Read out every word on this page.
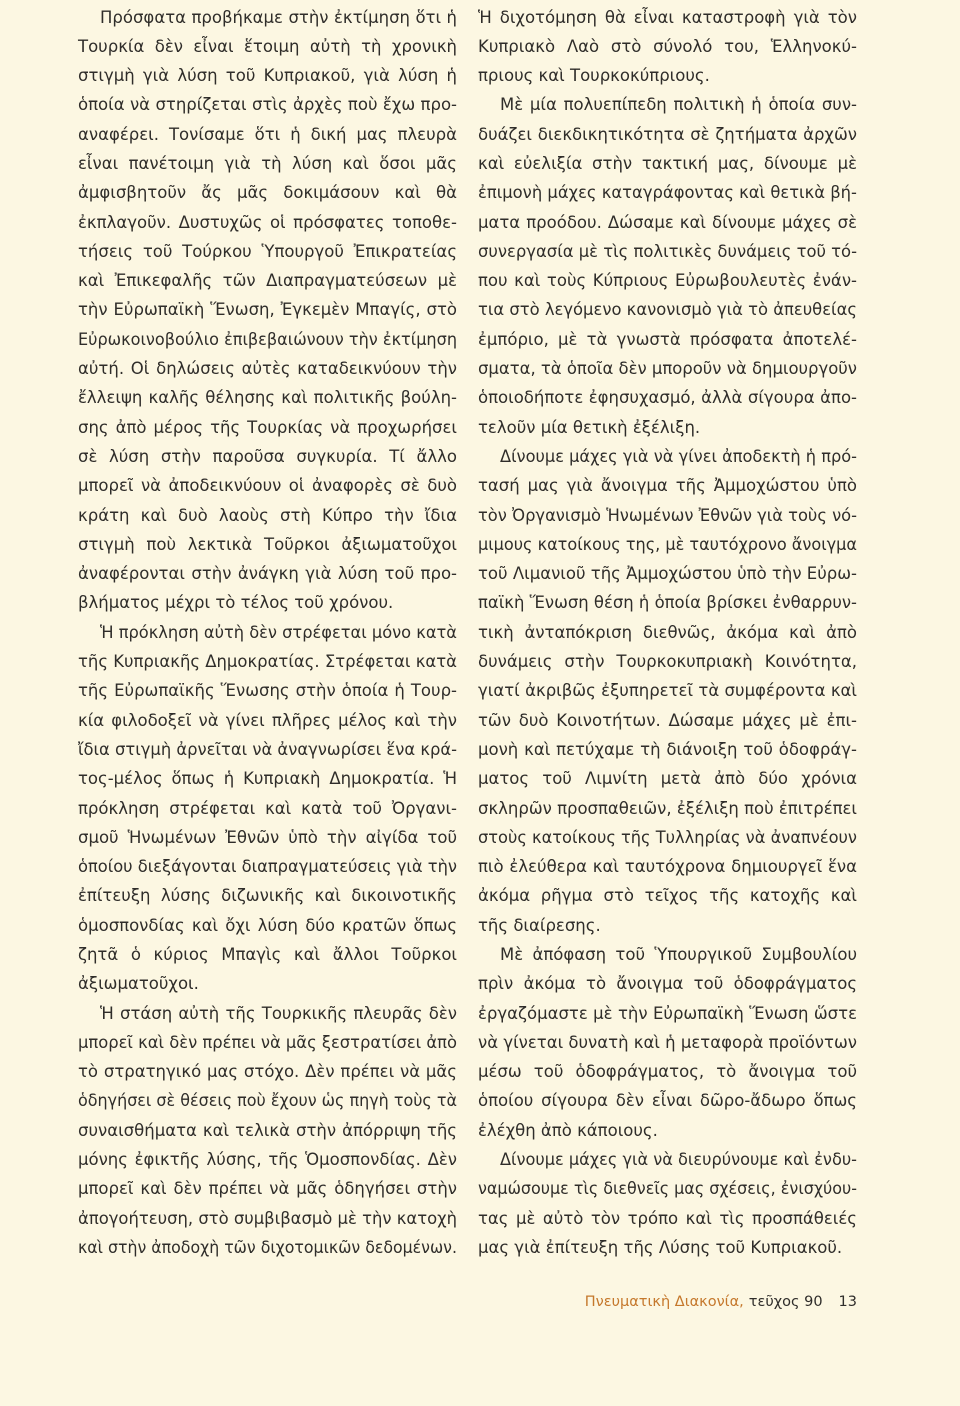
Πρόσφατα προβήκαμε στὴν ἐκτίμηση ὅτι ἡ
Τουρκία δὲν εἶναι ἕτοιμη αὐτὴ τὴ χρονικὴ
στιγμὴ γιὰ λύση τοῦ Κυπριακοῦ, γιὰ λύση ἡ
ὁποία νὰ στηρίζεται στὶς ἀρχὲς ποὺ ἔχω προ-
αναφέρει. Τονίσαμε ὅτι ἡ δική μας πλευρὰ
εἶναι πανέτοιμη γιὰ τὴ λύση καὶ ὅσοι μᾶς
ἀμφισβητοῦν ἄς μᾶς δοκιμάσουν καὶ θὰ
ἐκπλαγοῦν. Δυστυχῶς οἱ πρόσφατες τοποθε-
τήσεις τοῦ Τούρκου Ὑπουργοῦ Ἐπικρατείας
καὶ Ἐπικεφαλῆς τῶν Διαπραγματεύσεων μὲ
τὴν Εὐρωπαϊκὴ Ἕνωση, Ἐγκεμὲν Μπαγίς, στὸ
Εὐρωκοινοβούλιο ἐπιβεβαιώνουν τὴν ἐκτίμηση
αὐτή. Οἱ δηλώσεις αὐτὲς καταδεικνύουν τὴν
ἔλλειψη καλῆς θέλησης καὶ πολιτικῆς βούλη-
σης ἀπὸ μέρος τῆς Τουρκίας νὰ προχωρήσει
σὲ λύση στὴν παροῦσα συγκυρία. Τί ἄλλο
μπορεῖ νὰ ἀποδεικνύουν οἱ ἀναφορὲς σὲ δυὸ
κράτη καὶ δυὸ λαοὺς στὴ Κύπρο τὴν ἴδια
στιγμὴ ποὺ λεκτικὰ Τοῦρκοι ἀξιωματοῦχοι
ἀναφέρονται στὴν ἀνάγκη γιὰ λύση τοῦ προ-
βλήματος μέχρι τὸ τέλος τοῦ χρόνου.
Ἡ πρόκληση αὐτὴ δὲν στρέφεται μόνο κατὰ
τῆς Κυπριακῆς Δημοκρατίας. Στρέφεται κατὰ
τῆς Εὐρωπαϊκῆς Ἕνωσης στὴν ὁποία ἡ Τουρ-
κία φιλοδοξεῖ νὰ γίνει πλῆρες μέλος καὶ τὴν
ἴδια στιγμὴ ἀρνεῖται νὰ ἀναγνωρίσει ἕνα κρά-
τος-μέλος ὅπως ἡ Κυπριακὴ Δημοκρατία. Ἡ
πρόκληση στρέφεται καὶ κατὰ τοῦ Ὀργανι-
σμοῦ Ἡνωμένων Ἐθνῶν ὑπὸ τὴν αἰγίδα τοῦ
ὁποίου διεξάγονται διαπραγματεύσεις γιὰ τὴν
ἐπίτευξη λύσης διζωνικῆς καὶ δικοινοτικῆς
ὁμοσπονδίας καὶ ὄχι λύση δύο κρατῶν ὅπως
ζητᾶ ὁ κύριος Μπαγὶς καὶ ἄλλοι Τοῦρκοι
ἀξιωματοῦχοι.
Ἡ στάση αὐτὴ τῆς Τουρκικῆς πλευρᾶς δὲν
μπορεῖ καὶ δὲν πρέπει νὰ μᾶς ξεστρατίσει ἀπὸ
τὸ στρατηγικό μας στόχο. Δὲν πρέπει νὰ μᾶς
ὁδηγήσει σὲ θέσεις ποὺ ἔχουν ὡς πηγὴ τοὺς τὰ
συναισθήματα καὶ τελικὰ στὴν ἀπόρριψη τῆς
μόνης ἐφικτῆς λύσης, τῆς Ὁμοσπονδίας. Δὲν
μπορεῖ καὶ δὲν πρέπει νὰ μᾶς ὁδηγήσει στὴν
ἀπογοήτευση, στὸ συμβιβασμὸ μὲ τὴν κατοχὴ
καὶ στὴν ἀποδοχὴ τῶν διχοτομικῶν δεδομένων.
Ἡ διχοτόμηση θὰ εἶναι καταστροφὴ γιὰ τὸν
Κυπριακὸ Λαὸ στὸ σύνολό του, Ἑλληνοκύ-
πριους καὶ Τουρκοκύπριους.
Μὲ μία πολυεπίπεδη πολιτικὴ ἡ ὁποία συν-
δυάζει διεκδικητικότητα σὲ ζητήματα ἀρχῶν
καὶ εὐελιξία στὴν τακτική μας, δίνουμε μὲ
ἐπιμονὴ μάχες καταγράφοντας καὶ θετικὰ βή-
ματα προόδου. Δώσαμε καὶ δίνουμε μάχες σὲ
συνεργασία μὲ τὶς πολιτικὲς δυνάμεις τοῦ τό-
που καὶ τοὺς Κύπριους Εὐρωβουλευτὲς ἐνάν-
τια στὸ λεγόμενο κανονισμὸ γιὰ τὸ ἀπευθείας
ἐμπόριο, μὲ τὰ γνωστὰ πρόσφατα ἀποτελέ-
σματα, τὰ ὁποῖα δὲν μποροῦν νὰ δημιουργοῦν
ὁποιοδήποτε ἐφησυχασμό, ἀλλὰ σίγουρα ἀπο-
τελοῦν μία θετικὴ ἐξέλιξη.
Δίνουμε μάχες γιὰ νὰ γίνει ἀποδεκτὴ ἡ πρό-
τασή μας γιὰ ἄνοιγμα τῆς Ἀμμοχώστου ὑπὸ
τὸν Ὀργανισμὸ Ἡνωμένων Ἐθνῶν γιὰ τοὺς νό-
μιμους κατοίκους της, μὲ ταυτόχρονο ἄνοιγμα
τοῦ Λιμανιοῦ τῆς Ἀμμοχώστου ὑπὸ τὴν Εὐρω-
παϊκὴ Ἕνωση θέση ἡ ὁποία βρίσκει ἐνθαρρυν-
τικὴ ἀνταπόκριση διεθνῶς, ἀκόμα καὶ ἀπὸ
δυνάμεις στὴν Τουρκοκυπριακὴ Κοινότητα,
γιατί ἀκριβῶς ἐξυπηρετεῖ τὰ συμφέροντα καὶ
τῶν δυὸ Κοινοτήτων. Δώσαμε μάχες μὲ ἐπι-
μονὴ καὶ πετύχαμε τὴ διάνοιξη τοῦ ὁδοφράγ-
ματος τοῦ Λιμνίτη μετὰ ἀπὸ δύο χρόνια
σκληρῶν προσπαθειῶν, ἐξέλιξη ποὺ ἐπιτρέπει
στοὺς κατοίκους τῆς Τυλληρίας νὰ ἀναπνέουν
πιὸ ἐλεύθερα καὶ ταυτόχρονα δημιουργεῖ ἕνα
ἀκόμα ρῆγμα στὸ τεῖχος τῆς κατοχῆς καὶ
τῆς διαίρεσης.
Μὲ ἀπόφαση τοῦ Ὑπουργικοῦ Συμβουλίου
πρὶν ἀκόμα τὸ ἄνοιγμα τοῦ ὁδοφράγματος
ἐργαζόμαστε μὲ τὴν Εὐρωπαϊκὴ Ἕνωση ὥστε
νὰ γίνεται δυνατὴ καὶ ἡ μεταφορὰ προϊόντων
μέσω τοῦ ὁδοφράγματος, τὸ ἄνοιγμα τοῦ
ὁποίου σίγουρα δὲν εἶναι δῶρο-ἄδωρο ὅπως
ἐλέχθη ἀπὸ κάποιους.
Δίνουμε μάχες γιὰ νὰ διευρύνουμε καὶ ἐνδυ-
ναμώσουμε τὶς διεθνεῖς μας σχέσεις, ἐνισχύου-
τας μὲ αὐτὸ τὸν τρόπο καὶ τὶς προσπάθειές
μας γιὰ ἐπίτευξη τῆς Λύσης τοῦ Κυπριακοῦ.
Πνευματικὴ Διακονία, τεῦχος 90 13
